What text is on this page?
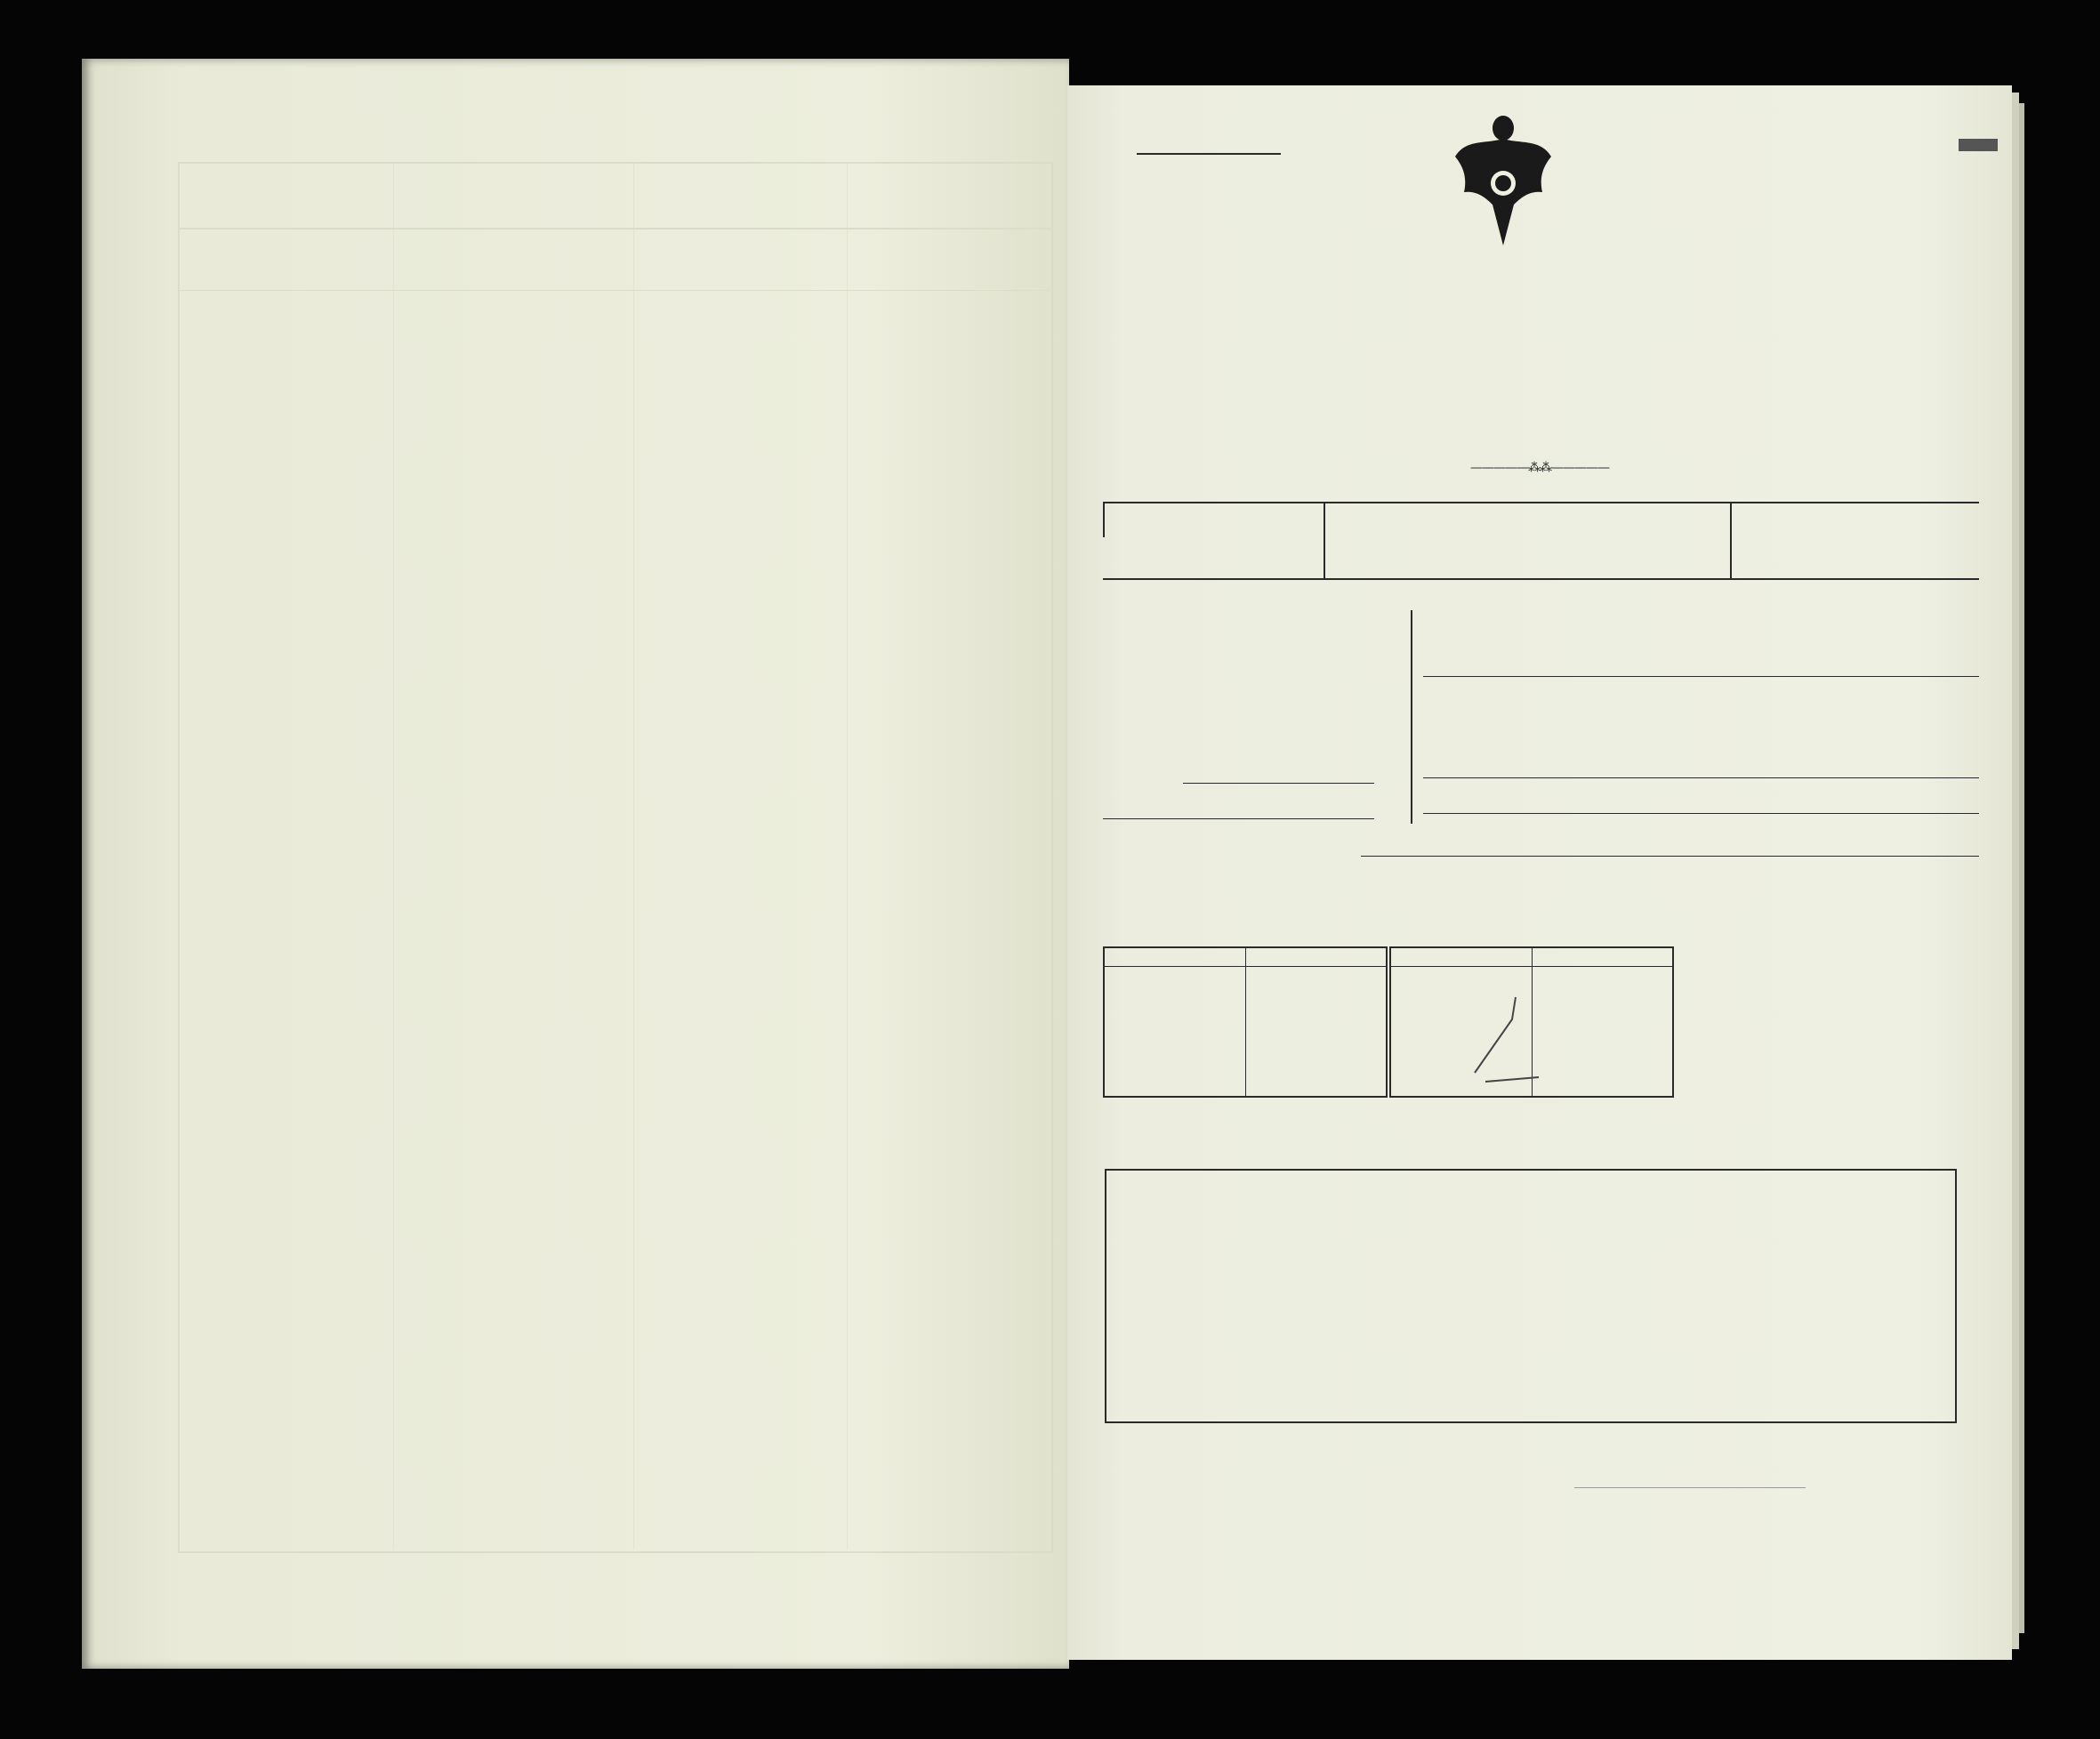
—————⁂⁂—————
